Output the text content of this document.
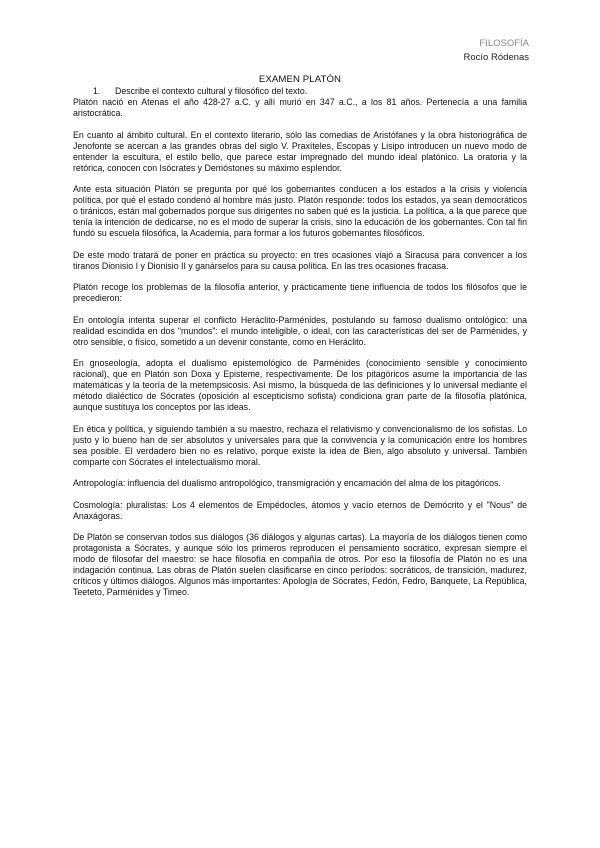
FILOSOFÍA
Rocío Ródenas
EXAMEN PLATÓN
1. Describe el contexto cultural y filosófico del texto.

Platón nació en Atenas el año 428-27 a.C. y allí murió en 347 a.C., a los 81 años. Pertenecía a una familia aristocrática.

En cuanto al ámbito cultural. En el contexto literario, sólo las comedias de Aristófanes y la obra historiográfica de Jenofonte se acercan a las grandes obras del siglo V. Praxíteles, Escopas y Lisipo introducen un nuevo modo de entender la escultura, el estilo bello, que parece estar impregnado del mundo ideal platónico. La oratoria y la retórica, conocen con Isócrates y Demóstones su máximo esplendor.

Ante esta situación Platón se pregunta por qué los gobernantes conducen a los estados a la crisis y violencia política, por qué el estado condenó al hombre más justo. Platón responde: todos los estados, ya sean democráticos o tiránicos, están mal gobernados porque sus dirigentes no saben qué es la justicia. La política, a la que parece que tenía la intención de dedicarse, no es el modo de superar la crisis, sino la educación de los gobernantes. Con tal fin fundó su escuela filosófica, la Academia, para formar a los futuros gobernantes filosóficos.

De este modo tratará de poner en práctica su proyecto: en tres ocasiones viajó a Siracusa para convencer a los tiranos Dionisio I y Dionisio II y ganárselos para su causa política. En las tres ocasiones fracasa.

Platón recoge los problemas de la filosofía anterior, y prácticamente tiene influencia de todos los filósofos que le precedieron:

En ontología intenta superar el conflicto Heráclito-Parménides, postulando su famoso dualismo ontológico: una realidad escindida en dos "mundos": el mundo inteligible, o ideal, con las características del ser de Parménides, y otro sensible, o físico, sometido a un devenir constante, como en Heráclito.

En gnoseología, adopta el dualismo epistemológico de Parménides (conocimiento sensible y conocimiento racional), que en Platón son Doxa y Episteme, respectivamente. De los pitagóricos asume la importancia de las matemáticas y la teoría de la metempsicosis. Así mismo, la búsqueda de las definiciones y lo universal mediante el método dialéctico de Sócrates (oposición al escepticismo sofista) condiciona gran parte de la filosofía platónica, aunque sustituya los conceptos por las ideas.

En ética y política, y siguiendo también a su maestro, rechaza el relativismo y convencionalismo de los sofistas. Lo justo y lo bueno han de ser absolutos y universales para que la convivencia y la comunicación entre los hombres sea posible. El verdadero bien no es relativo, porque existe la idea de Bien, algo absoluto y universal. También comparte con Sócrates el intelectualismo moral.

Antropología: influencia del dualismo antropológico, transmigración y encarnación del alma de los pitagóricos.

Cosmología: pluralistas: Los 4 elementos de Empédocles, átomos y vacío eternos de Demócrito y el "Nous" de Anaxágoras.

De Platón se conservan todos sus diálogos (36 diálogos y algunas cartas). La mayoría de los diálogos tienen como protagonista a Sócrates, y aunque sólo los primeros reproducen el pensamiento socrático, expresan siempre el modo de filosofar del maestro: se hace filosofía en compañía de otros. Por eso la filosofía de Platón no es una indagación continua. Las obras de Platón suelen clasificarse en cinco períodos: socráticos, de transición, madurez, críticos y últimos diálogos. Algunos más importantes: Apología de Sócrates, Fedón, Fedro, Banquete, La República, Teeteto, Parménides y Timeo.
